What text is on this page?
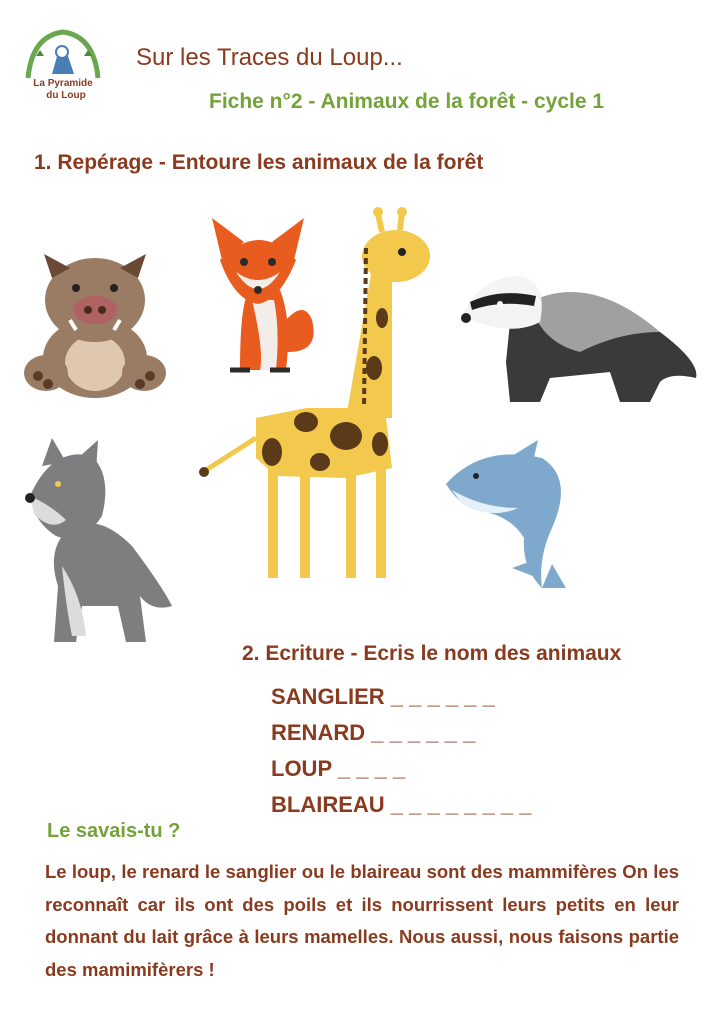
La Pyramide
du Loup
Sur les Traces du Loup...
Fiche n°2 - Animaux de la forêt - cycle 1
1. Repérage - Entoure les animaux de la forêt
2. Ecriture - Ecris le nom des animaux
SANGLIER _ _ _ _ _ _
RENARD _ _ _ _ _ _
LOUP _ _ _ _
BLAIREAU _ _ _ _ _ _ _ _
Le savais-tu ?

Le loup, le renard le sanglier ou le blaireau sont des mammifères On les reconnaît car ils ont des poils et ils nourrissent leurs petits en leur donnant du lait grâce à leurs mamelles. Nous aussi, nous faisons partie des mamimifèrers !
